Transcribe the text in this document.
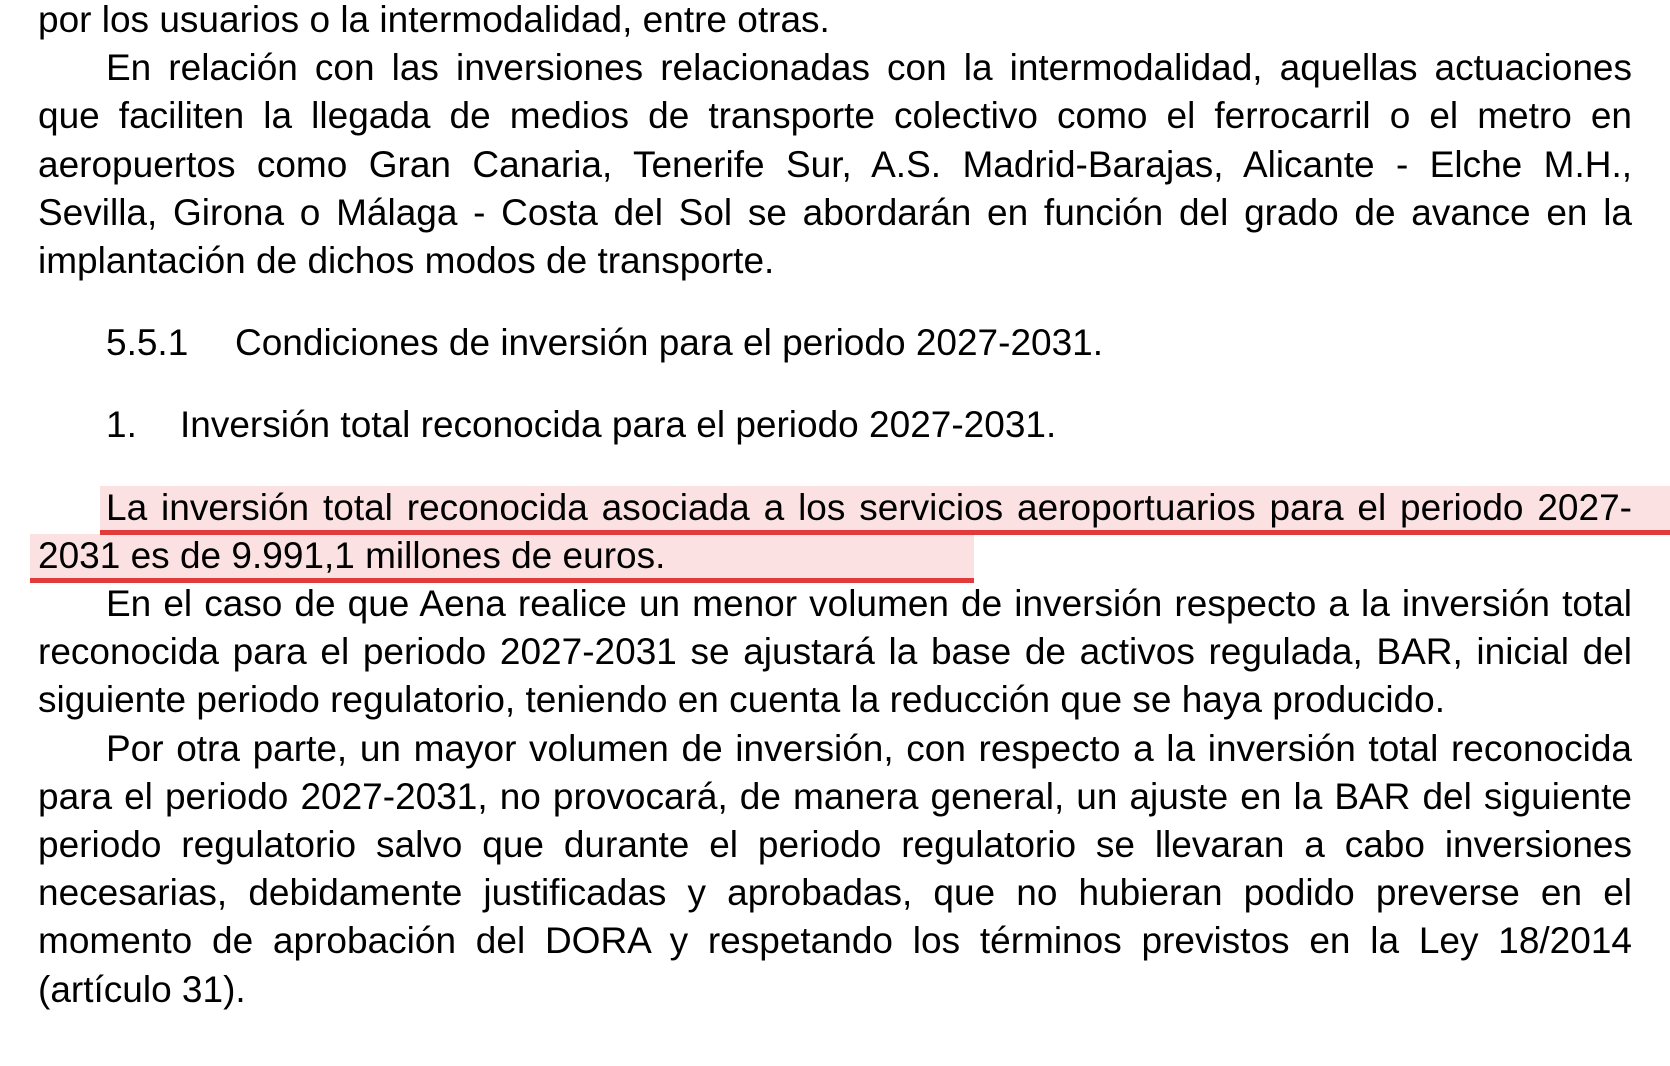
por los usuarios o la intermodalidad, entre otras.

En relación con las inversiones relacionadas con la intermodalidad, aquellas actuaciones que faciliten la llegada de medios de transporte colectivo como el ferrocarril o el metro en aeropuertos como Gran Canaria, Tenerife Sur, A.S. Madrid-Barajas, Alicante - Elche M.H., Sevilla, Girona o Málaga - Costa del Sol se abordarán en función del grado de avance en la implantación de dichos modos de transporte.

5.5.1	Condiciones de inversión para el periodo 2027-2031.
1.	Inversión total reconocida para el periodo 2027-2031.

La inversión total reconocida asociada a los servicios aeroportuarios para el periodo 2027-2031 es de 9.991,1 millones de euros.

En el caso de que Aena realice un menor volumen de inversión respecto a la inversión total reconocida para el periodo 2027-2031 se ajustará la base de activos regulada, BAR, inicial del siguiente periodo regulatorio, teniendo en cuenta la reducción que se haya producido.

Por otra parte, un mayor volumen de inversión, con respecto a la inversión total reconocida para el periodo 2027-2031, no provocará, de manera general, un ajuste en la BAR del siguiente periodo regulatorio salvo que durante el periodo regulatorio se llevaran a cabo inversiones necesarias, debidamente justificadas y aprobadas, que no hubieran podido preverse en el momento de aprobación del DORA y respetando los términos previstos en la Ley 18/2014 (artículo 31).
